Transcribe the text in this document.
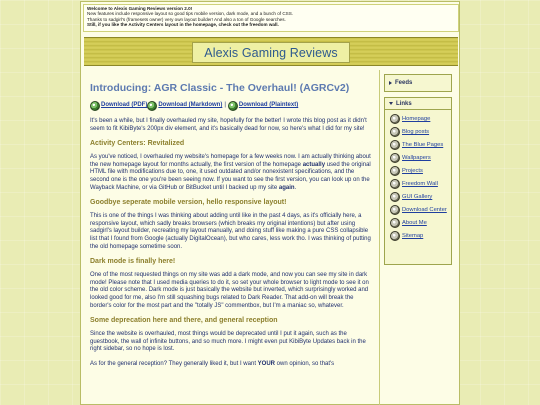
Welcome to Alexis Gaming Reviews version 2.0!
New features include responsive layout so good tips mobile version, dark mode, and a bunch of CSS.
Thanks to sadgirl's (framesets owner) very own layout builder! And also a ton of Google searches.
Still, if you like the Activity Centers layout in the homepage, check out the freedom wall.
Alexis Gaming Reviews
Introducing: AGR Classic - The Overhaul! (AGRCv2)
Download (PDF) Download (Markdown) | Download (Plaintext)

It's been a while, but I finally overhauled my site, hopefully for the better! I wrote this blog post as it didn't seem to fit KibiByte's 200px div element, and it's basically dead for now, so here's what I did for my site!

Activity Centers: Revitalized

As you've noticed, I overhauled my website's homepage for a few weeks now. I am actually thinking about the new homepage layout for months actually, the first version of the homepage actually used the original HTML file with modifications due to, one, it used outdated and/or nonexistent specifications, and the second one is the one you're been seeing now. If you want to see the first version, you can look up on the Wayback Machine, or via GitHub or BitBucket until I backed up my site again.

Goodbye seperate mobile version, hello responsive layout!

This is one of the things I was thinking about adding until like in the past 4 days, as it's officially here, a responsive layout, which sadly breaks browsers (which breaks my original intentions) but after using sadgirl's layout builder, recreating my layout manually, and doing stuff like making a pure CSS collapsible list that I found from Google (actually DigitalOcean), but who cares, less work tho. I was thinking of putting the old homepage sometime soon.

Dark mode is finally here!

One of the most requested things on my site was add a dark mode, and now you can see my site in dark mode! Please note that I used media queries to do it, so set your whole browser to light mode to see it on the old color scheme. Dark mode is just basically the website but inverted, which surprisingly worked and looked good for me, also I'm still squashing bugs related to Dark Reader. That add-on will break the border's color for the most part and the "totally JS" commentbox, but I'm a maniac so, whatever.

Some deprecation here and there, and general reception

Since the website is overhauled, most things would be deprecated until I put it again, such as the guestbook, the wall of infinite buttons, and so much more. I might even put KibiByte Updates back in the right sidebar, so no hope is lost.

As for the general reception? They generally liked it, but I want YOUR own opinion, so that's

Feeds
Links
Homepage
Blog posts
The Blue Pages
Wallpapers
Projects
Freedom Wall
GUI Gallery
Download Center
About Me
Sitemap
